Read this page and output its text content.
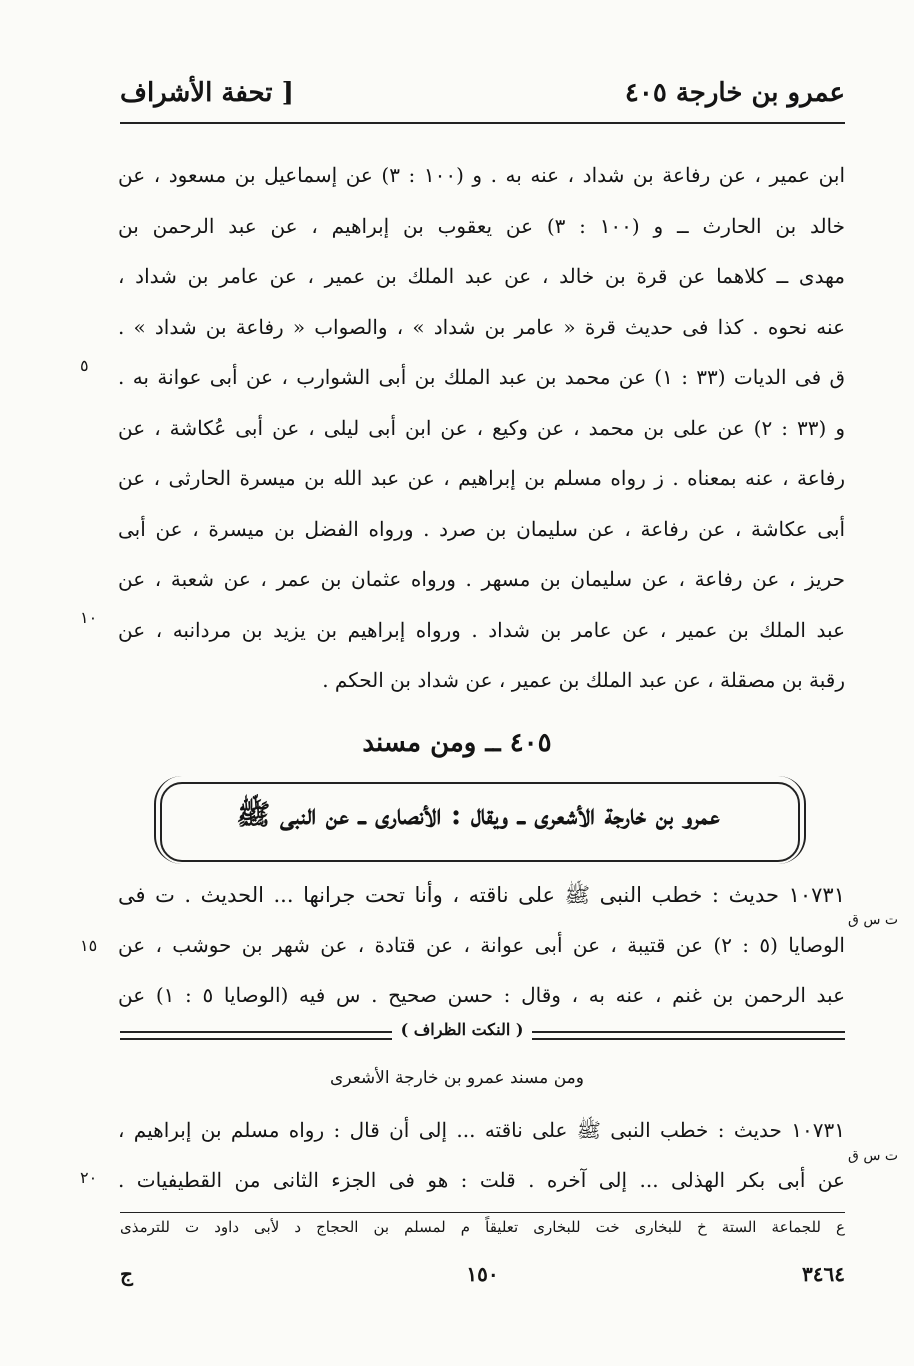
عمرو بن خارجة ٤٠٥
[ تحفة الأشراف
ابن عمير ، عن رفاعة بن شداد ، عنه به . و (١٠٠ : ٣) عن إسماعيل بن مسعود ، عن
خالد بن الحارث ــ و (١٠٠ : ٣) عن يعقوب بن إبراهيم ، عن عبد الرحمن بن
مهدى ــ كلاهما عن قرة بن خالد ، عن عبد الملك بن عمير ، عن عامر بن شداد ،
عنه نحوه . كذا فى حديث قرة « عامر بن شداد » ، والصواب « رفاعة بن شداد » .
ق فى الديات (٣٣ : ١) عن محمد بن عبد الملك بن أبى الشوارب ، عن أبى عوانة به .
و (٣٣ : ٢) عن على بن محمد ، عن وكيع ، عن ابن أبى ليلى ، عن أبى عُكاشة ، عن
رفاعة ، عنه بمعناه . ز رواه مسلم بن إبراهيم ، عن عبد الله بن ميسرة الحارثى ، عن
أبى عكاشة ، عن رفاعة ، عن سليمان بن صرد . ورواه الفضل بن ميسرة ، عن أبى
حريز ، عن رفاعة ، عن سليمان بن مسهر . ورواه عثمان بن عمر ، عن شعبة ، عن
عبد الملك بن عمير ، عن عامر بن شداد . ورواه إبراهيم بن يزيد بن مردانبه ، عن
رقبة بن مصقلة ، عن عبد الملك بن عمير ، عن شداد بن الحكم .
٥
١٠
١٥
٢٠
٤٠٥ ــ ومن مسند
عمرو بن خارجة الأشعرى ــ ويقال : الأنصارى ــ عن النبى ﷺ
١٠٧٣١ حديث : خطب النبى ﷺ على ناقته ، وأنا تحت جرانها ... الحديث . ت فى
الوصايا (٥ : ٢) عن قتيبة ، عن أبى عوانة ، عن قتادة ، عن شهر بن حوشب ، عن
عبد الرحمن بن غنم ، عنه به ، وقال : حسن صحيح . س فيه (الوصايا ٥ : ١) عن
ت س ق
( النكت الظراف )
ومن مسند عمرو بن خارجة الأشعرى
١٠٧٣١ حديث : خطب النبى ﷺ على ناقته ... إلى أن قال : رواه مسلم بن إبراهيم ،
عن أبى بكر الهذلى ... إلى آخره . قلت : هو فى الجزء الثانى من القطيفيات .
ت س ق
ع للجماعة الستة خ للبخارى خت للبخارى تعليقاً م لمسلم بن الحجاج د لأبى داود ت للترمذى
٣٤٦٤
١٥٠
ج
